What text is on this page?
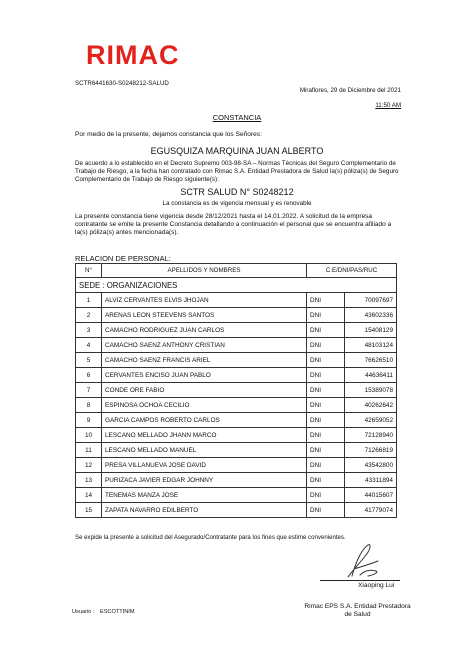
RIMAC
SCTR6441630-S0248212-SALUD
Miraflores, 29 de Diciembre del 2021
11:50 AM
CONSTANCIA
Por medio de la presente, dejamos constancia que los Señores:
EGUSQUIZA MARQUINA JUAN ALBERTO
De acuerdo a lo establecido en el Decreto Supremo 003-98-SA – Normas Técnicas del Seguro Complementario de Trabajo de Riesgo, a la fecha han contratado con Rimac S.A. Entidad Prestadora de Salud la(s) póliza(s) de Seguro Complementario de Trabajo de Riesgo siguiente(s):
SCTR SALUD N° S0248212
La constancia es de vigencia mensual y es renovable
La presente constancia tiene vigencia desde 28/12/2021 hasta el 14.01.2022. A solicitud de la empresa contratante se emite la presente Constancia detallando a continuación el personal que se encuentra afiliado a la(s) póliza(s) antes mencionada(s).
RELACION DE PERSONAL:
N°	APELLIDOS Y NOMBRES	C.E/DNI/PAS/RUC	
SEDE : ORGANIZACIONES			
1	ALVIZ CERVANTES ELVIS JHOJAN	DNI	70097697
2	ARENAS LEON STEEVENS SANTOS	DNI	43602336
3	CAMACHO RODRIGUEZ JUAN CARLOS	DNI	15408129
4	CAMACHO SAENZ ANTHONY CRISTIAN	DNI	48103124
5	CAMACHO SAENZ FRANCIS ARIEL	DNI	76626510
6	CERVANTES ENCISO JUAN PABLO	DNI	44636411
7	CONDE ORE FABIO	DNI	15389078
8	ESPINOSA OCHOA CECILIO	DNI	40262642
9	GARCIA CAMPOS ROBERTO CARLOS	DNI	42659052
10	LESCANO MELLADO JHANN MARCO	DNI	72128940
11	LESCANO MELLADO MANUEL	DNI	71266819
12	PRESA VILLANUEVA JOSE DAVID	DNI	43542800
13	PURIZACA JAVIER EDGAR JOHNNY	DNI	43311894
14	TENEMAS MANZA JOSE	DNI	44015607
15	ZAPATA NAVARRO EDILBERTO	DNI	41779074
Se expide la presente a solicitud del Asegurado/Contratante para los fines que estime convenientes.
Xiaoping Lui
Rimac EPS S.A. Entidad Prestadora de Salud
Usuario : ESCOTTINIM
